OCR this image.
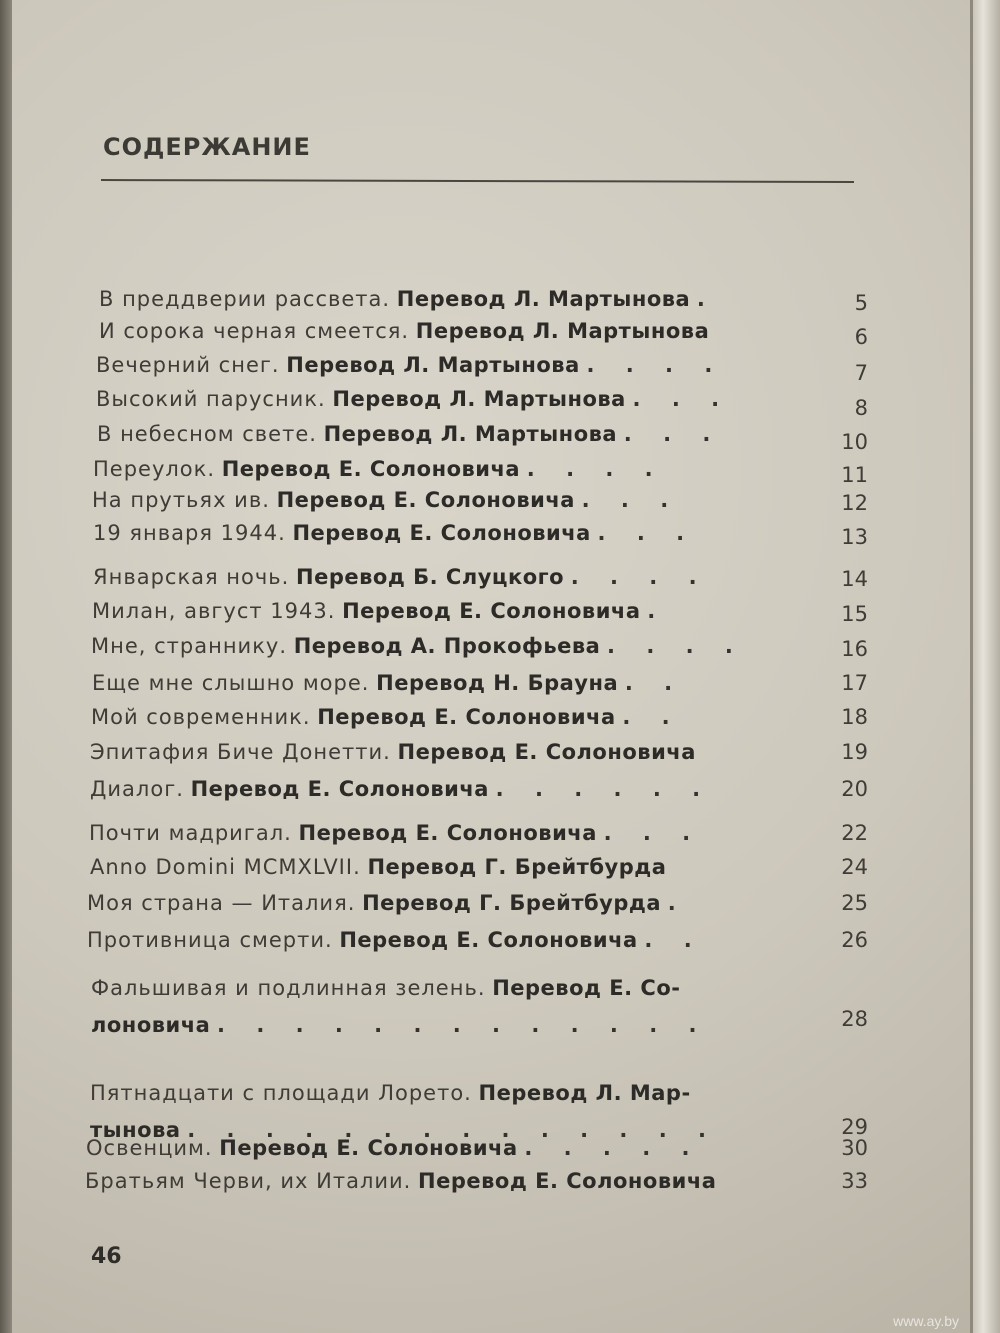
СОДЕРЖАНИЕ
В преддверии рассвета. Перевод Л. Мартынова .	5
И сорока черная смеется. Перевод Л. Мартынова	6
Вечерний снег. Перевод Л. Мартынова . . . .	7
Высокий парусник. Перевод Л. Мартынова . . .	8
В небесном свете. Перевод Л. Мартынова . . .	10
Переулок. Перевод Е. Солоновича . . . .	11
На прутьях ив. Перевод Е. Солоновича . . .	12
19 января 1944. Перевод Е. Солоновича . . .	13
Январская ночь. Перевод Б. Слуцкого . . . .	14
Милан, август 1943. Перевод Е. Солоновича .	15
Мне, страннику. Перевод А. Прокофьева . . . .	16
Еще мне слышно море. Перевод Н. Брауна . .	17
Мой современник. Перевод Е. Солоновича . .	18
Эпитафия Биче Донетти. Перевод Е. Солоновича	19
Диалог. Перевод Е. Солоновича . . . . . .	20
Почти мадригал. Перевод Е. Солоновича . . .	22
Anno Domini MCMXLVII. Перевод Г. Брейтбурда	24
Моя страна — Италия. Перевод Г. Брейтбурда .	25
Противница смерти. Перевод Е. Солоновича . .	26
Фальшивая и подлинная зелень. Перевод Е. Со-
лоновича . . . . . . . . . . . . .	28
Пятнадцати с площади Лорето. Перевод Л. Мар-
тынова . . . . . . . . . . . . . .	29
Освенцим. Перевод Е. Солоновича . . . . .	30
Братьям Черви, их Италии. Перевод Е. Солоновича	33
46
www.ay.by
